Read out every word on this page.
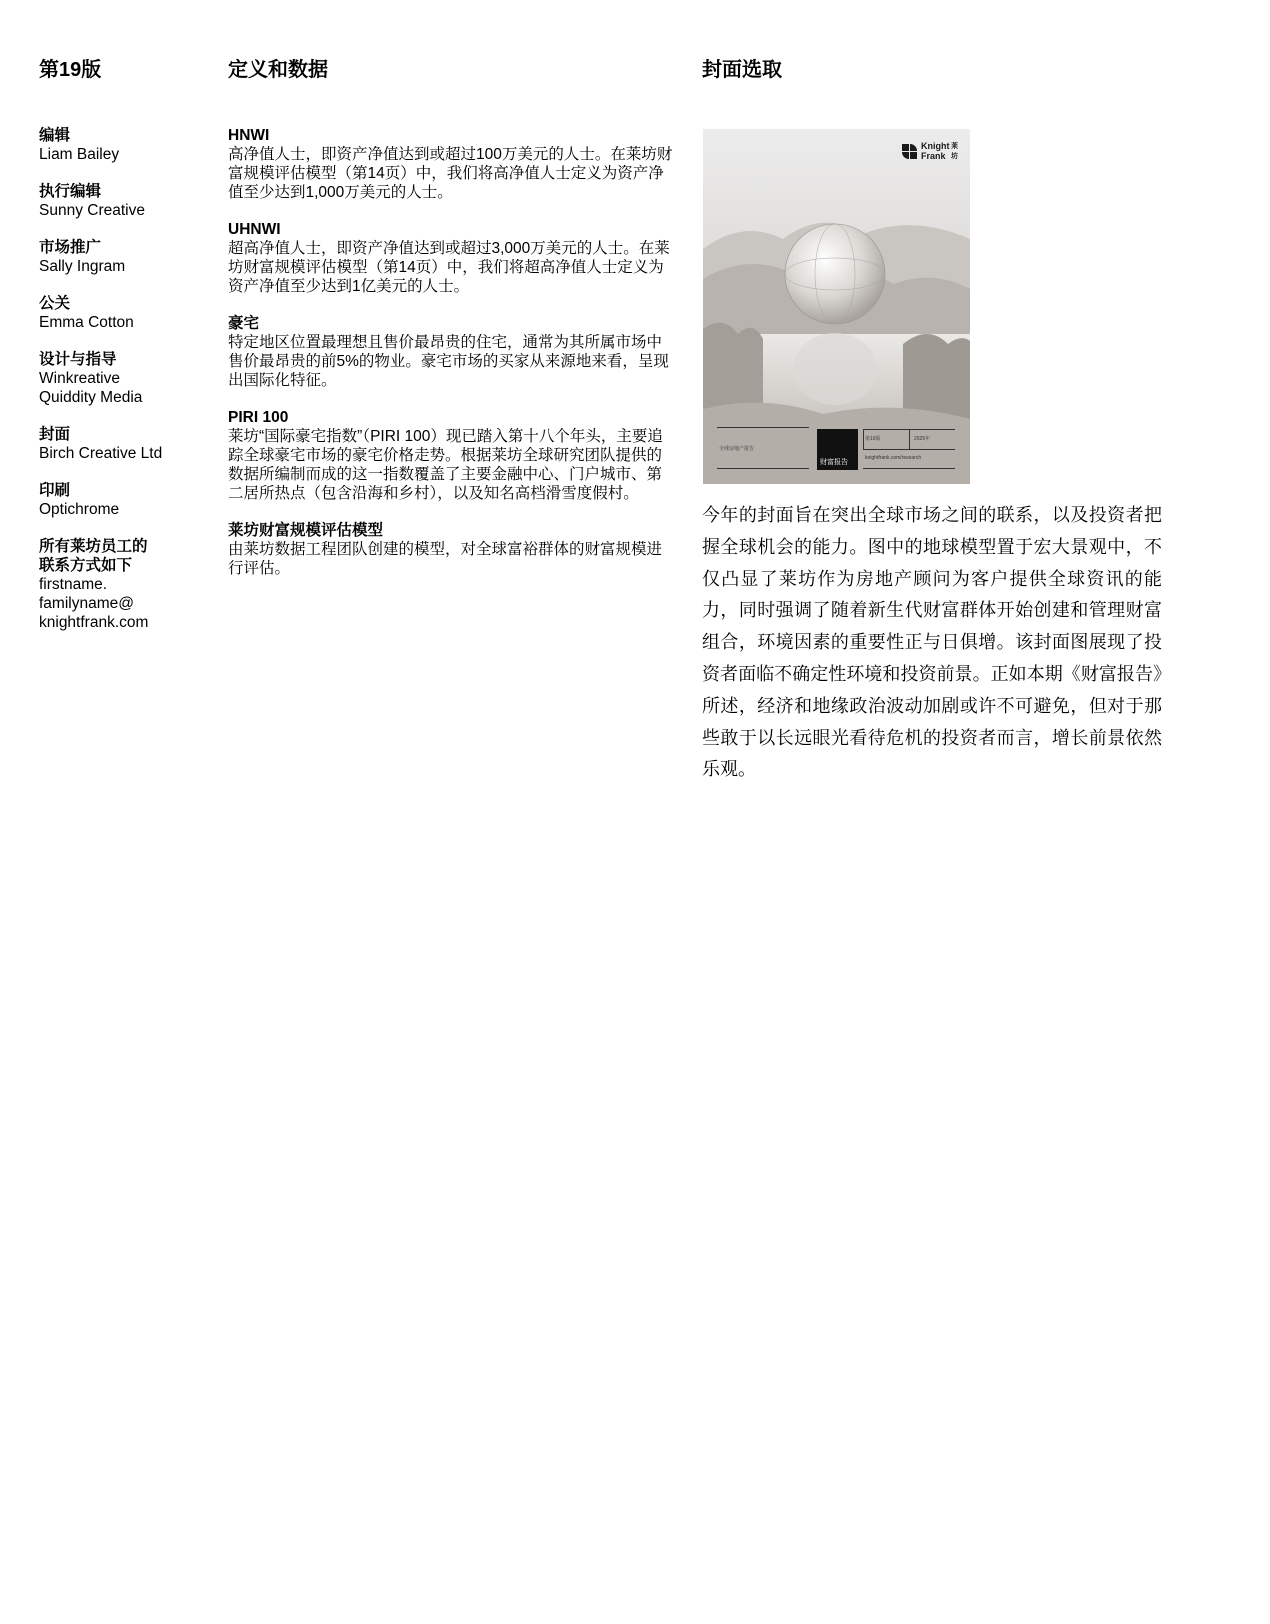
第19版
编辑
Liam Bailey
执行编辑
Sunny Creative
市场推广
Sally Ingram
公关
Emma Cotton
设计与指导
Winkreative
Quiddity Media
封面
Birch Creative Ltd
印刷
Optichrome
所有莱坊员工的
联系方式如下
firstname.
familyname@
knightfrank.com
定义和数据
HNWI
高净值人士，即资产净值达到或超过100万美元的人士。在莱坊财富规模评估模型（第14页）中，我们将高净值人士定义为资产净值至少达到1,000万美元的人士。
UHNWI
超高净值人士，即资产净值达到或超过3,000万美元的人士。在莱坊财富规模评估模型（第14页）中，我们将超高净值人士定义为资产净值至少达到1亿美元的人士。
豪宅
特定地区位置最理想且售价最昂贵的住宅，通常为其所属市场中售价最昂贵的前5%的物业。豪宅市场的买家从来源地来看，呈现出国际化特征。
PIRI 100
莱坊“国际豪宅指数”（PIRI 100）现已踏入第十八个年头，主要追踪全球豪宅市场的豪宅价格走势。根据莱坊全球研究团队提供的数据所编制而成的这一指数覆盖了主要金融中心、门户城市、第二居所热点（包含沿海和乡村），以及知名高档滑雪度假村。
莱坊财富规模评估模型
由莱坊数据工程团队创建的模型，对全球富裕群体的财富规模进行评估。
封面选取
Knight
Frank
莱
坊
全球房地产报告
财富报告
第19版	2025年
knightfrank.com/research

今年的封面旨在突出全球市场之间的联系，以及投资者把握全球机会的能力。图中的地球模型置于宏大景观中，不仅凸显了莱坊作为房地产顾问为客户提供全球资讯的能力，同时强调了随着新生代财富群体开始创建和管理财富组合，环境因素的重要性正与日俱增。该封面图展现了投资者面临不确定性环境和投资前景。正如本期《财富报告》所述，经济和地缘政治波动加剧或许不可避免，但对于那些敢于以长远眼光看待危机的投资者而言，增长前景依然乐观。
